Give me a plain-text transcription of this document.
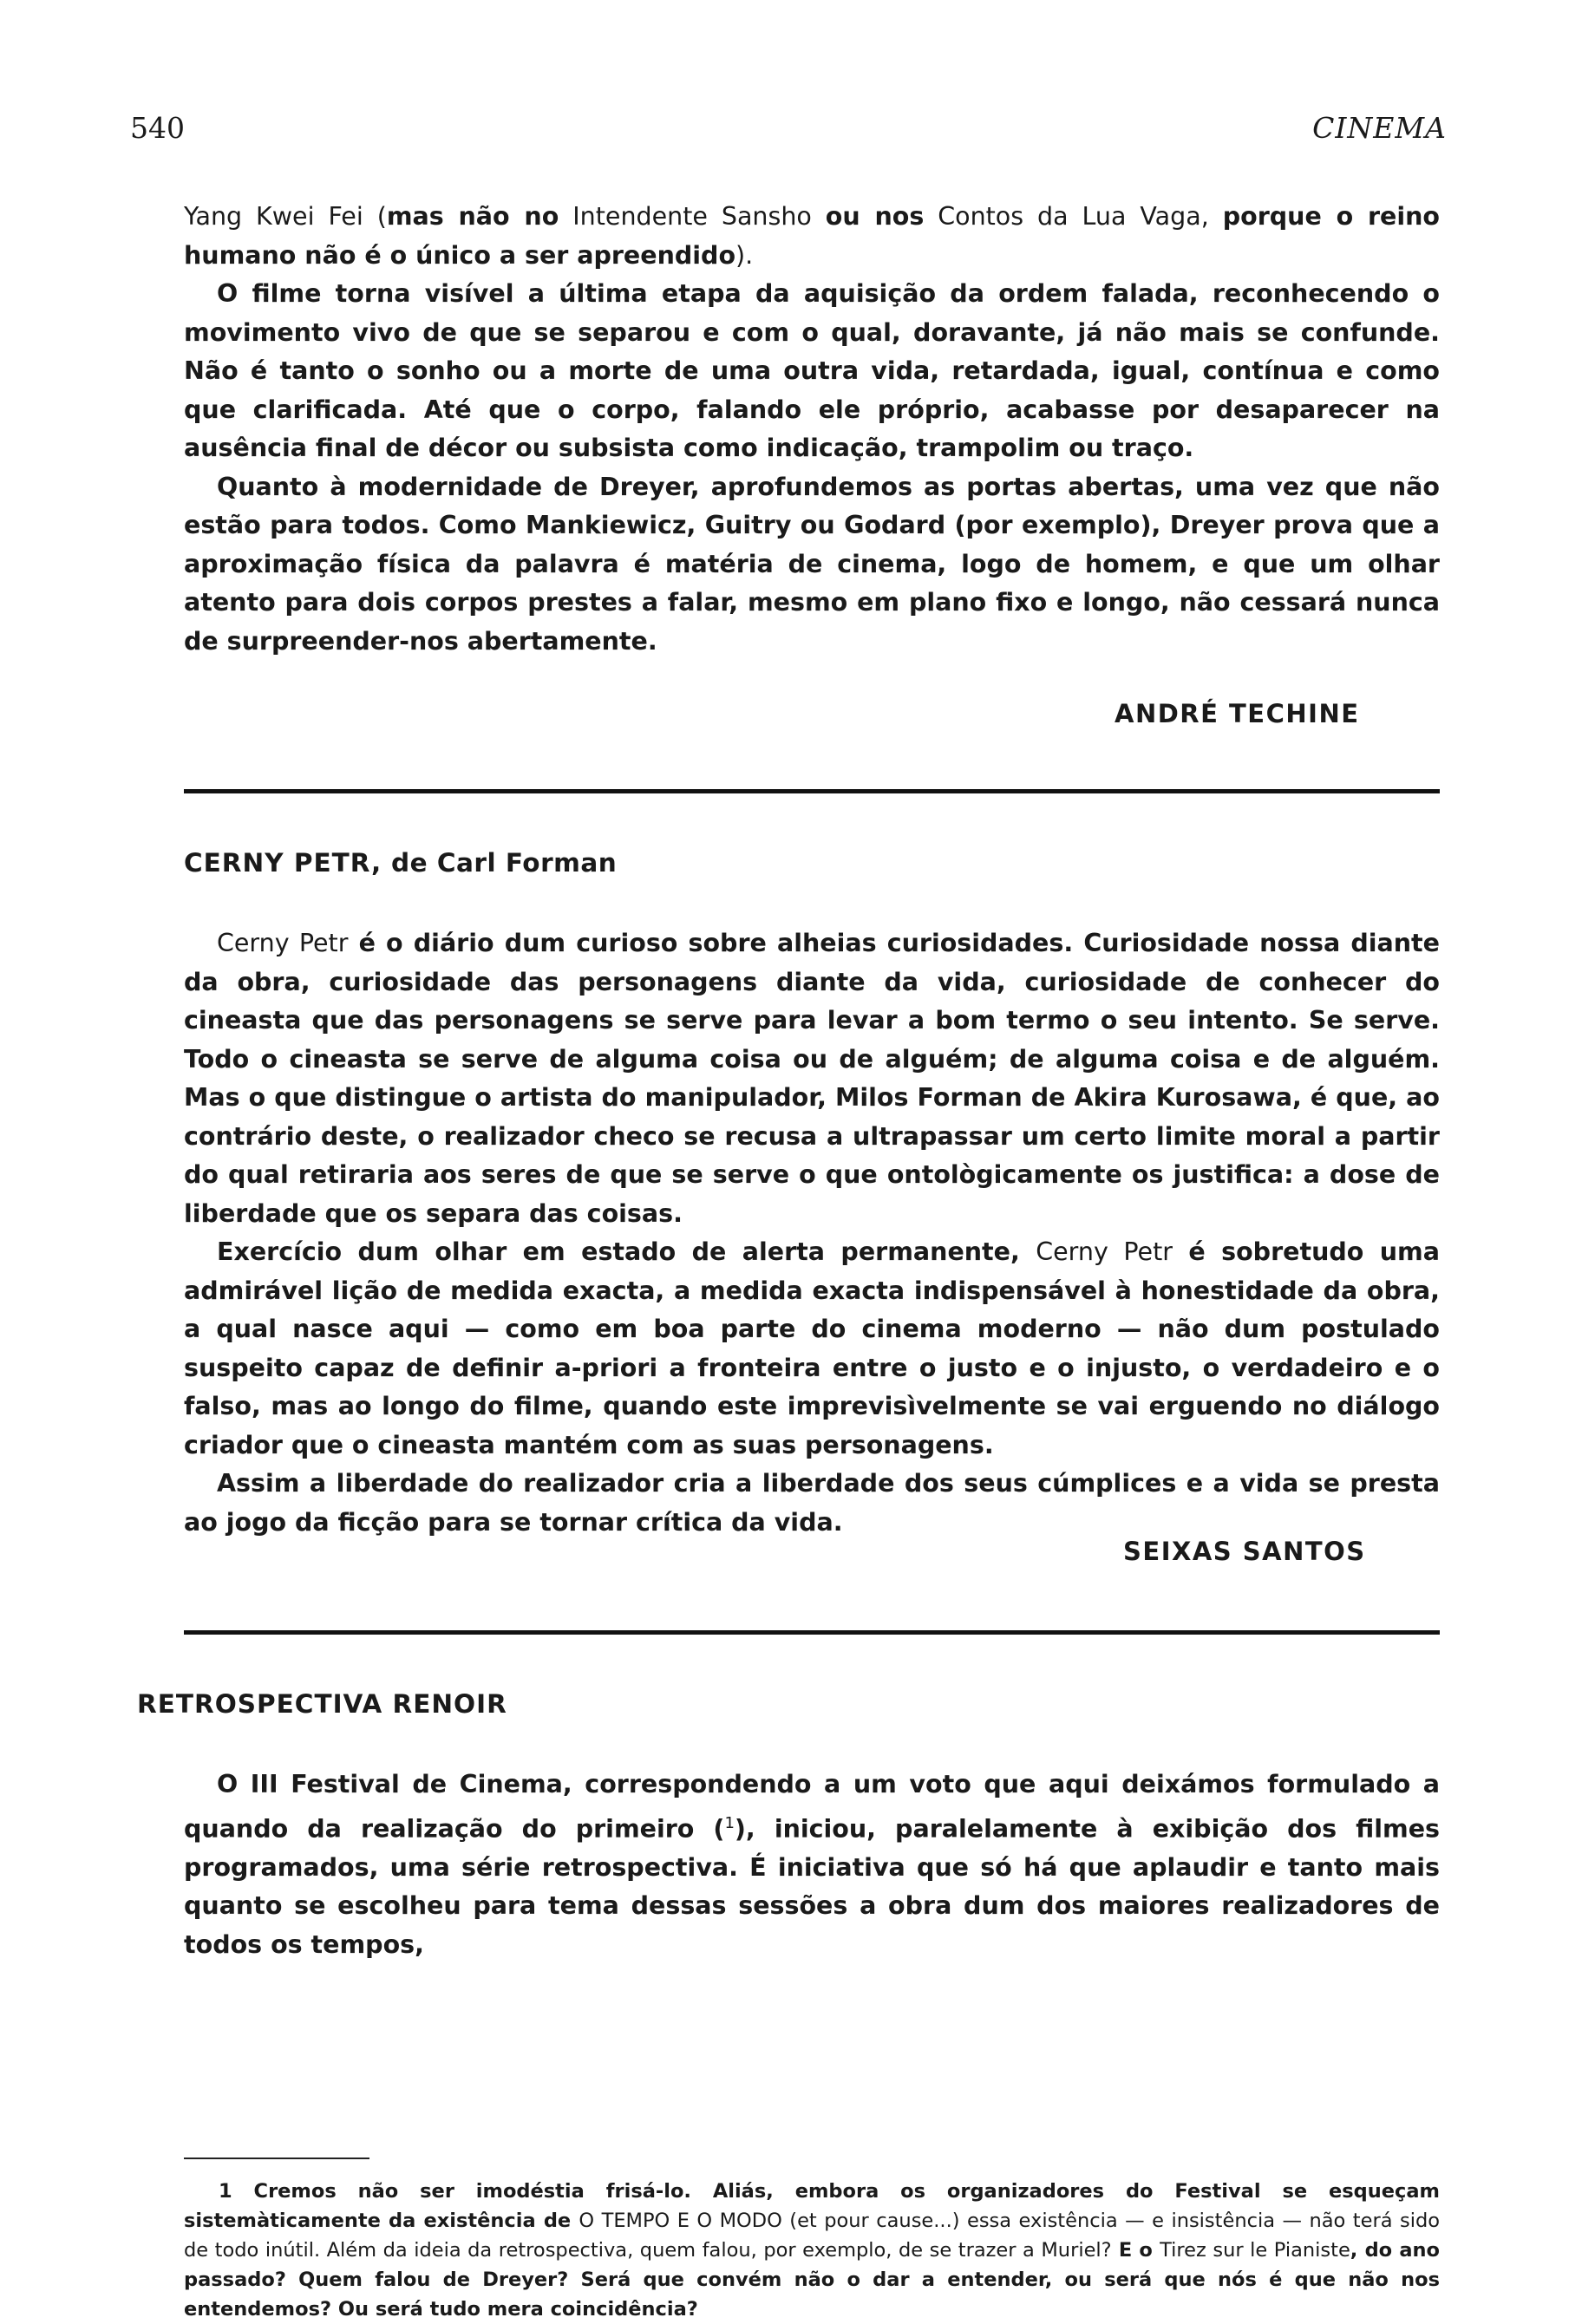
540	CINEMA

Yang Kwei Fei (mas não no Intendente Sansho ou nos Contos da Lua Vaga, porque o reino humano não é o único a ser apreendido).

O filme torna visível a última etapa da aquisição da ordem falada, reconhecendo o movimento vivo de que se separou e com o qual, doravante, já não mais se confunde. Não é tanto o sonho ou a morte de uma outra vida, retardada, igual, contínua e como que clarificada. Até que o corpo, falando ele próprio, acabasse por desaparecer na ausência final de décor ou subsista como indicação, trampolim ou traço.

Quanto à modernidade de Dreyer, aprofundemos as portas abertas, uma vez que não estão para todos. Como Mankiewicz, Guitry ou Godard (por exemplo), Dreyer prova que a aproximação física da palavra é matéria de cinema, logo de homem, e que um olhar atento para dois corpos prestes a falar, mesmo em plano fixo e longo, não cessará nunca de surpreender-nos abertamente.

ANDRÉ TECHINE
CERNY PETR, de Carl Forman

Cerny Petr é o diário dum curioso sobre alheias curiosidades. Curiosidade nossa diante da obra, curiosidade das personagens diante da vida, curiosidade de conhecer do cineasta que das personagens se serve para levar a bom termo o seu intento. Se serve. Todo o cineasta se serve de alguma coisa ou de alguém; de alguma coisa e de alguém. Mas o que distingue o artista do manipulador, Milos Forman de Akira Kurosawa, é que, ao contrário deste, o realizador checo se recusa a ultrapassar um certo limite moral a partir do qual retiraria aos seres de que se serve o que ontològicamente os justifica: a dose de liberdade que os separa das coisas.

Exercício dum olhar em estado de alerta permanente, Cerny Petr é sobretudo uma admirável lição de medida exacta, a medida exacta indispensável à honestidade da obra, a qual nasce aqui — como em boa parte do cinema moderno — não dum postulado suspeito capaz de definir a-priori a fronteira entre o justo e o injusto, o verdadeiro e o falso, mas ao longo do filme, quando este imprevisìvelmente se vai erguendo no diálogo criador que o cineasta mantém com as suas personagens.

Assim a liberdade do realizador cria a liberdade dos seus cúmplices e a vida se presta ao jogo da ficção para se tornar crítica da vida.

SEIXAS SANTOS
RETROSPECTIVA RENOIR

O III Festival de Cinema, correspondendo a um voto que aqui deixámos formulado a quando da realização do primeiro ($^1$), iniciou, paralelamente à exibição dos filmes programados, uma série retrospectiva. É iniciativa que só há que aplaudir e tanto mais quanto se escolheu para tema dessas sessões a obra dum dos maiores realizadores de todos os tempos,

1 Cremos não ser imodéstia frisá-lo. Aliás, embora os organizadores do Festival se esqueçam sistemàticamente da existência de O TEMPO E O MODO (et pour cause...) essa existência — e insistência — não terá sido de todo inútil. Além da ideia da retrospectiva, quem falou, por exemplo, de se trazer a Muriel? E o Tirez sur le Pianiste, do ano passado? Quem falou de Dreyer? Será que convém não o dar a entender, ou será que nós é que não nos entendemos? Ou será tudo mera coincidência?
